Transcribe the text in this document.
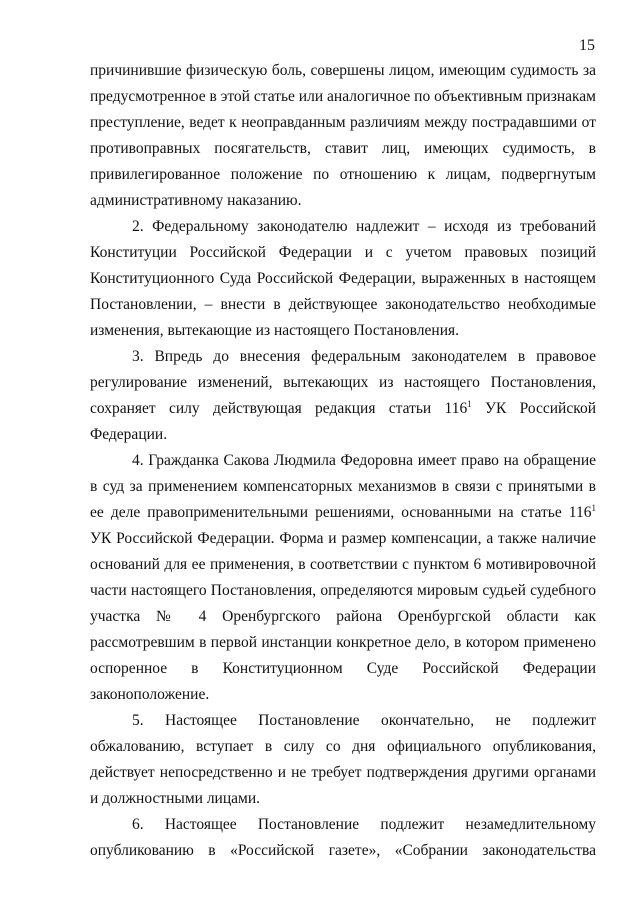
15

причинившие физическую боль, совершены лицом, имеющим судимость за предусмотренное в этой статье или аналогичное по объективным признакам преступление, ведет к неоправданным различиям между пострадавшими от противоправных посягательств, ставит лиц, имеющих судимость, в привилегированное положение по отношению к лицам, подвергнутым административному наказанию.

2. Федеральному законодателю надлежит – исходя из требований Конституции Российской Федерации и с учетом правовых позиций Конституционного Суда Российской Федерации, выраженных в настоящем Постановлении, – внести в действующее законодательство необходимые изменения, вытекающие из настоящего Постановления.

3. Впредь до внесения федеральным законодателем в правовое регулирование изменений, вытекающих из настоящего Постановления, сохраняет силу действующая редакция статьи $116^1$ УК Российской Федерации.

4. Гражданка Сакова Людмила Федоровна имеет право на обращение в суд за применением компенсаторных механизмов в связи с принятыми в ее деле правоприменительными решениями, основанными на статье $116^1$ УК Российской Федерации. Форма и размер компенсации, а также наличие оснований для ее применения, в соответствии с пунктом 6 мотивировочной части настоящего Постановления, определяются мировым судьей судебного участка № 4 Оренбургского района Оренбургской области как рассмотревшим в первой инстанции конкретное дело, в котором применено оспоренное в Конституционном Суде Российской Федерации законоположение.

5. Настоящее Постановление окончательно, не подлежит обжалованию, вступает в силу со дня официального опубликования, действует непосредственно и не требует подтверждения другими органами и должностными лицами.

6. Настоящее Постановление подлежит незамедлительному опубликованию в «Российской газете», «Собрании законодательства
